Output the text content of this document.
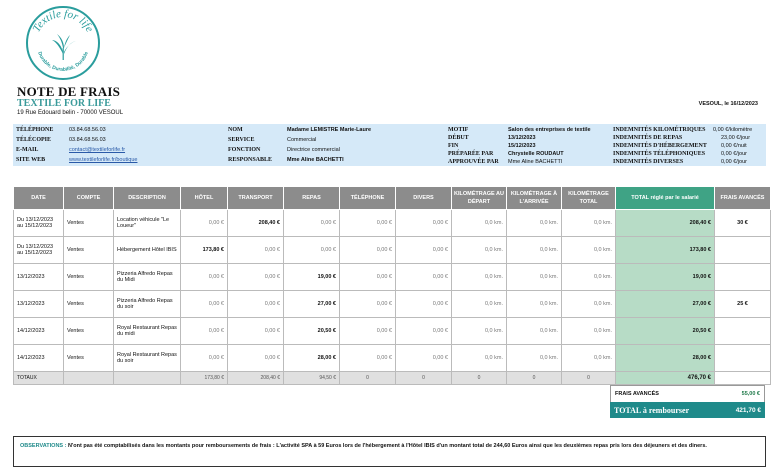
Textile for life
Durable, Durabilité, Durable
NOTE DE FRAIS
TEXTILE FOR LIFE
19 Rue Edouard belin - 70000 VESOUL
VESOUL, le 16/12/2023
TÉLÉPHONE	03.84.68.56.03
TÉLÉCOPIE	03.84.68.56.03
E-MAIL	contact@textileforlife.fr
SITE WEB	www.textileforlife.fr/boutique
NOM	Madame LEMISTRE Marie-Laure
SERVICE	Commercial
FONCTION	Directrice commercial
RESPONSABLE	Mme Aline BACHETTI
MOTIF	Salon des entreprises de textile
DÉBUT	13/12/2023
FIN	15/12/2023
PRÉPARÉE PAR	Chrystelle ROUDAUT
APPROUVÉE PAR Mme Aline BACHETTI
INDEMNITÉS KILOMÉTRIQUES 0,00 €/kilomètre
INDEMNITÉS DE REPAS	23,00 €/jour
INDEMNITÉS D'HÉBERGEMENT	0,00 €/nuit
INDEMNITÉS TÉLÉPHONIQUES	0,00 €/jour
INDEMNITÉS DIVERSES	0,00 €/jour
DATE	COMPTE	DESCRIPTION	HÔTEL	TRANSPORT	REPAS	TÉLÉPHONE	DIVERS	KILOMÉTRAGE AU DÉPART	KILOMÉTRAGE À L'ARRIVÉE	KILOMÉTRAGE TOTAL	TOTAL réglé par le salarié	FRAIS AVANCÉS
Du 13/12/2023 au 15/12/2023	Ventes	Location véhicule "Le Loueur"	0,00 €	208,40 €	0,00 €	0,00 €	0,00 €	0,0 km.	0,0 km.	0,0 km.	208,40 €	30 €
Du 13/12/2023 au 15/12/2023	Ventes	Hébergement Hôtel IBIS	173,80 €	0,00 €	0,00 €	0,00 €	0,00 €	0,0 km.	0,0 km.	0,0 km.	173,80 €	
13/12/2023	Ventes	Pizzeria Alfredo Repas du Midi	0,00 €	0,00 €	19,00 €	0,00 €	0,00 €	0,0 km.	0,0 km.	0,0 km.	19,00 €	
13/12/2023	Ventes	Pizzeria Alfredo Repas du soir	0,00 €	0,00 €	27,00 €	0,00 €	0,00 €	0,0 km.	0,0 km.	0,0 km.	27,00 €	25 €
14/12/2023	Ventes	Royal Restaurant Repas du midi	0,00 €	0,00 €	20,50 €	0,00 €	0,00 €	0,0 km.	0,0 km.	0,0 km.	20,50 €	
14/12/2023	Ventes	Royal Restaurant Repas du soir	0,00 €	0,00 €	28,00 €	0,00 €	0,00 €	0,0 km.	0,0 km.	0,0 km.	28,00 €	
TOTAUX			173,80 €	208,40 €	94,50 €	0	0	0	0	0	476,70 €	
FRAIS AVANCÉS	55,00 €
TOTAL à rembourser	421,70 €
OBSERVATIONS : N'ont pas été comptabilisés dans les montants pour remboursements de frais : L'activité SPA à 59 Euros lors de l'hébergement à l'Hôtel IBIS d'un montant total de 244,60 Euros ainsi que les deuxièmes repas pris lors des déjeuners et des diners.
